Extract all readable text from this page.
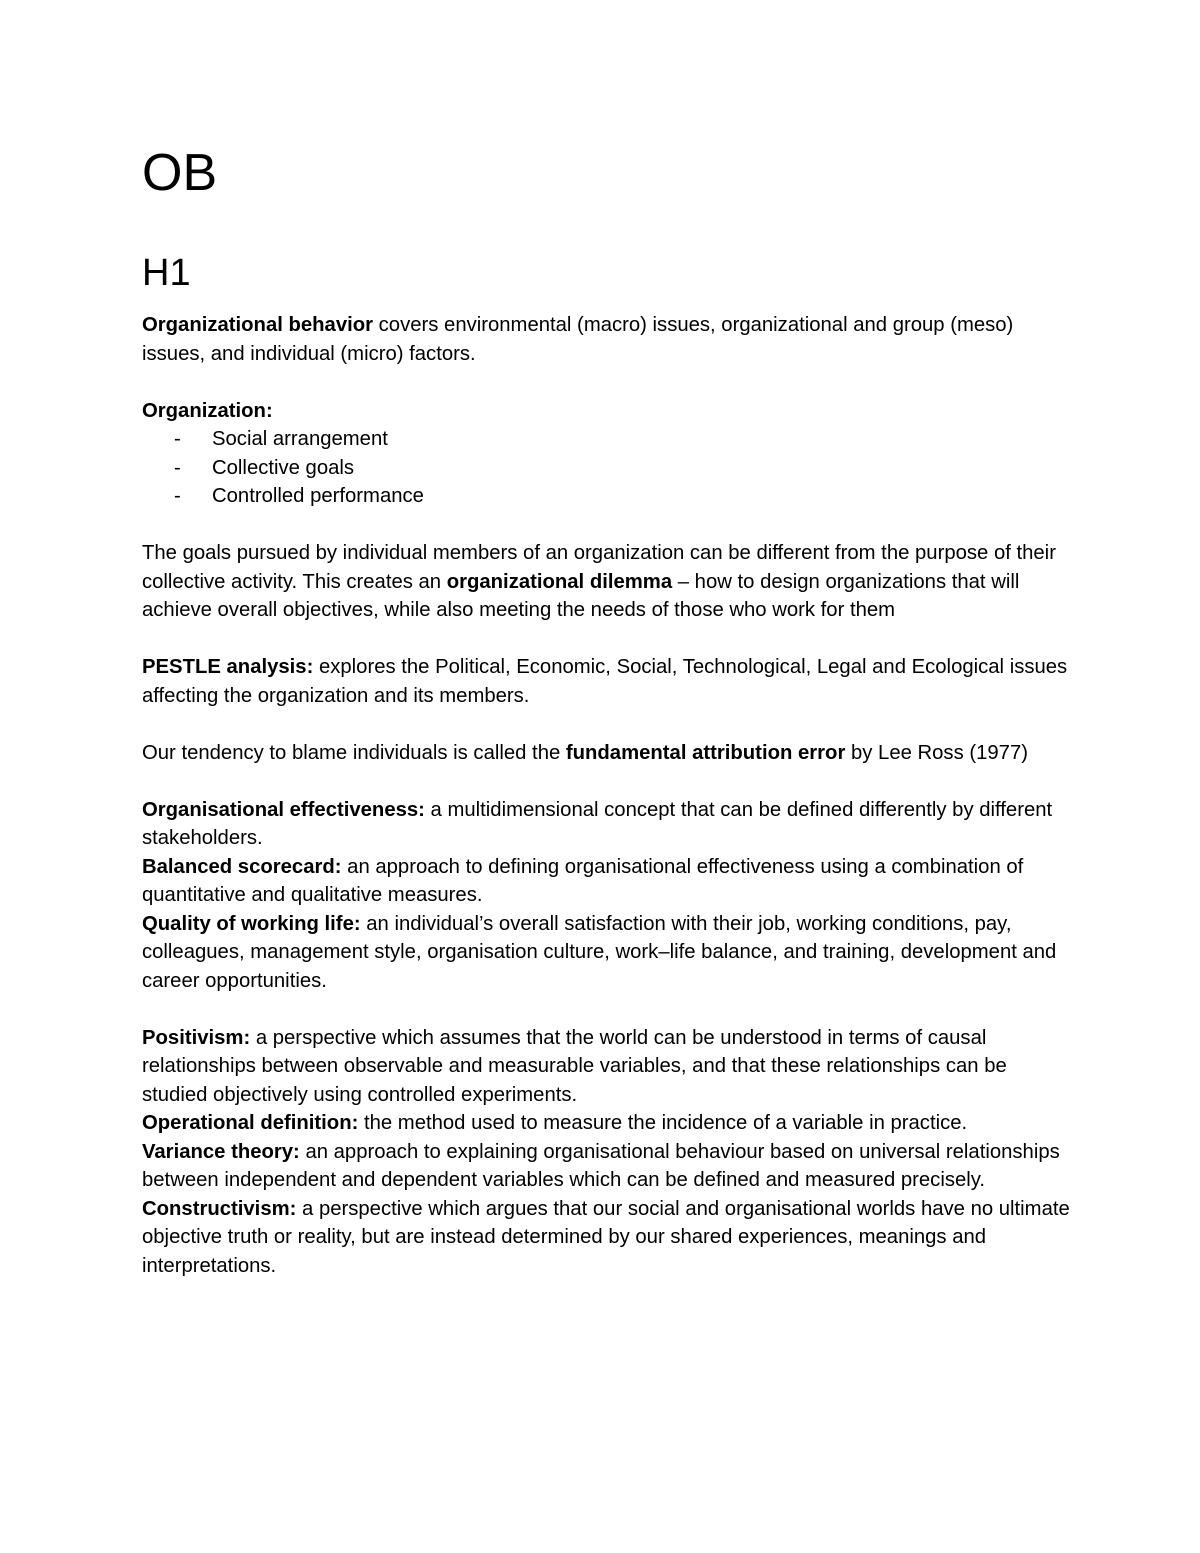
OB
H1

Organizational behavior covers environmental (macro) issues, organizational and group (meso) issues, and individual (micro) factors.

Organization:

- Social arrangement
- Collective goals
- Controlled performance

The goals pursued by individual members of an organization can be different from the purpose of their collective activity. This creates an organizational dilemma – how to design organizations that will achieve overall objectives, while also meeting the needs of those who work for them

PESTLE analysis: explores the Political, Economic, Social, Technological, Legal and Ecological issues affecting the organization and its members.

Our tendency to blame individuals is called the fundamental attribution error by Lee Ross (1977)

Organisational effectiveness: a multidimensional concept that can be defined differently by different stakeholders.

Balanced scorecard: an approach to defining organisational effectiveness using a combination of quantitative and qualitative measures.

Quality of working life: an individual’s overall satisfaction with their job, working conditions, pay, colleagues, management style, organisation culture, work–life balance, and training, development and career opportunities.

Positivism: a perspective which assumes that the world can be understood in terms of causal relationships between observable and measurable variables, and that these relationships can be studied objectively using controlled experiments.

Operational definition: the method used to measure the incidence of a variable in practice.

Variance theory: an approach to explaining organisational behaviour based on universal relationships between independent and dependent variables which can be defined and measured precisely.

Constructivism: a perspective which argues that our social and organisational worlds have no ultimate objective truth or reality, but are instead determined by our shared experiences, meanings and interpretations.
